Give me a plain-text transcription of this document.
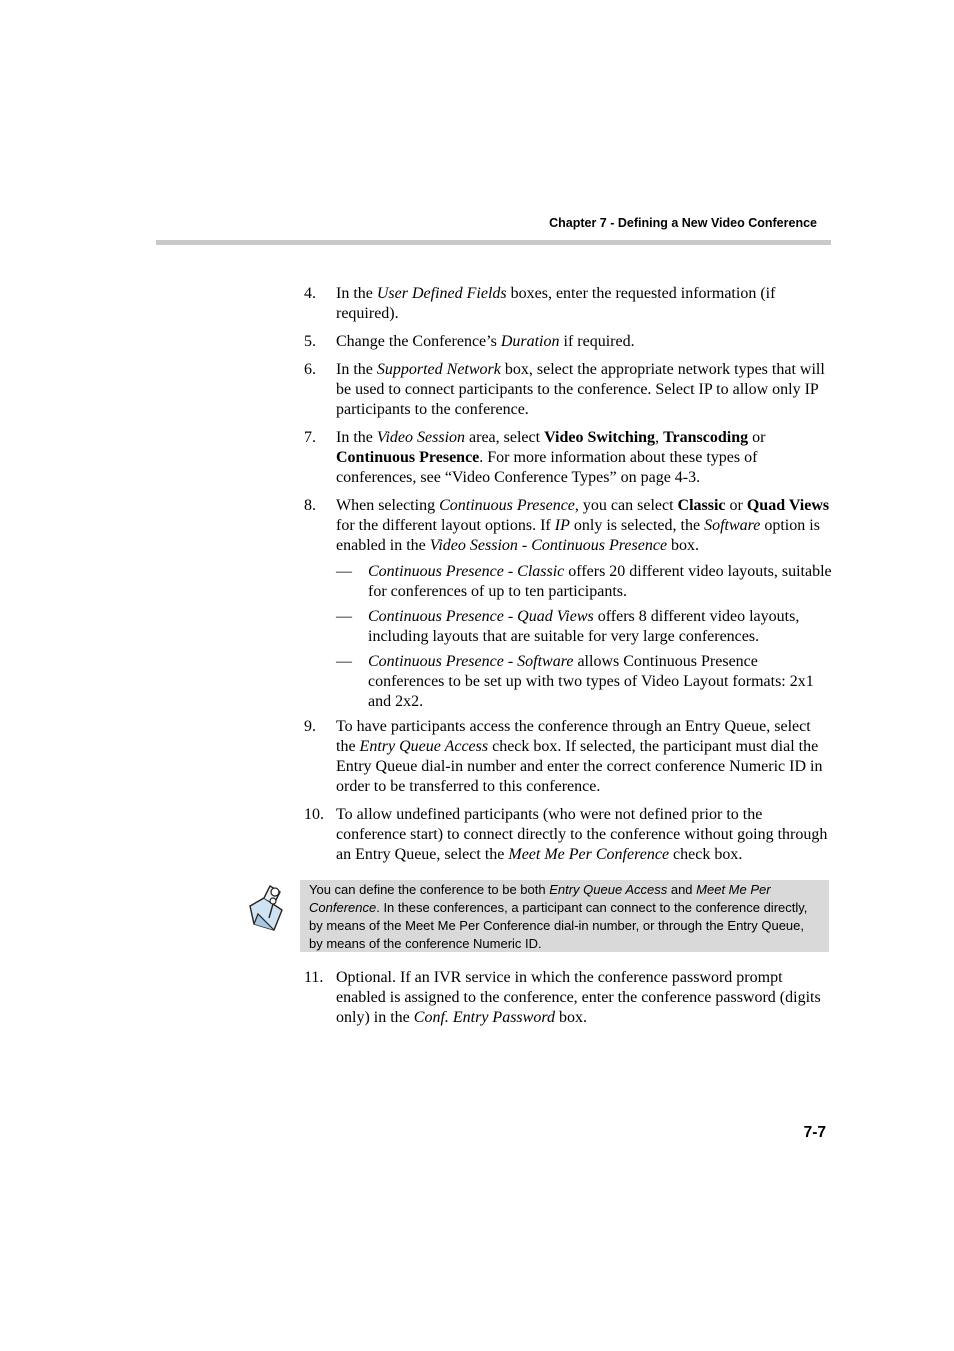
Chapter 7 - Defining a New Video Conference
4. In the User Defined Fields boxes, enter the requested information (if required).
5. Change the Conference’s Duration if required.
6. In the Supported Network box, select the appropriate network types that will be used to connect participants to the conference. Select IP to allow only IP participants to the conference.
7. In the Video Session area, select Video Switching, Transcoding or Continuous Presence. For more information about these types of conferences, see “Video Conference Types” on page 4-3.
8. When selecting Continuous Presence, you can select Classic or Quad Views for the different layout options. If IP only is selected, the Software option is enabled in the Video Session - Continuous Presence box.
— Continuous Presence - Classic offers 20 different video layouts, suitable for conferences of up to ten participants.
— Continuous Presence - Quad Views offers 8 different video layouts, including layouts that are suitable for very large conferences.
— Continuous Presence - Software allows Continuous Presence conferences to be set up with two types of Video Layout formats: 2x1 and 2x2.
9. To have participants access the conference through an Entry Queue, select the Entry Queue Access check box. If selected, the participant must dial the Entry Queue dial-in number and enter the correct conference Numeric ID in order to be transferred to this conference.
10. To allow undefined participants (who were not defined prior to the conference start) to connect directly to the conference without going through an Entry Queue, select the Meet Me Per Conference check box.
You can define the conference to be both Entry Queue Access and Meet Me Per Conference. In these conferences, a participant can connect to the conference directly, by means of the Meet Me Per Conference dial-in number, or through the Entry Queue, by means of the conference Numeric ID.
11. Optional. If an IVR service in which the conference password prompt enabled is assigned to the conference, enter the conference password (digits only) in the Conf. Entry Password box.
7-7
